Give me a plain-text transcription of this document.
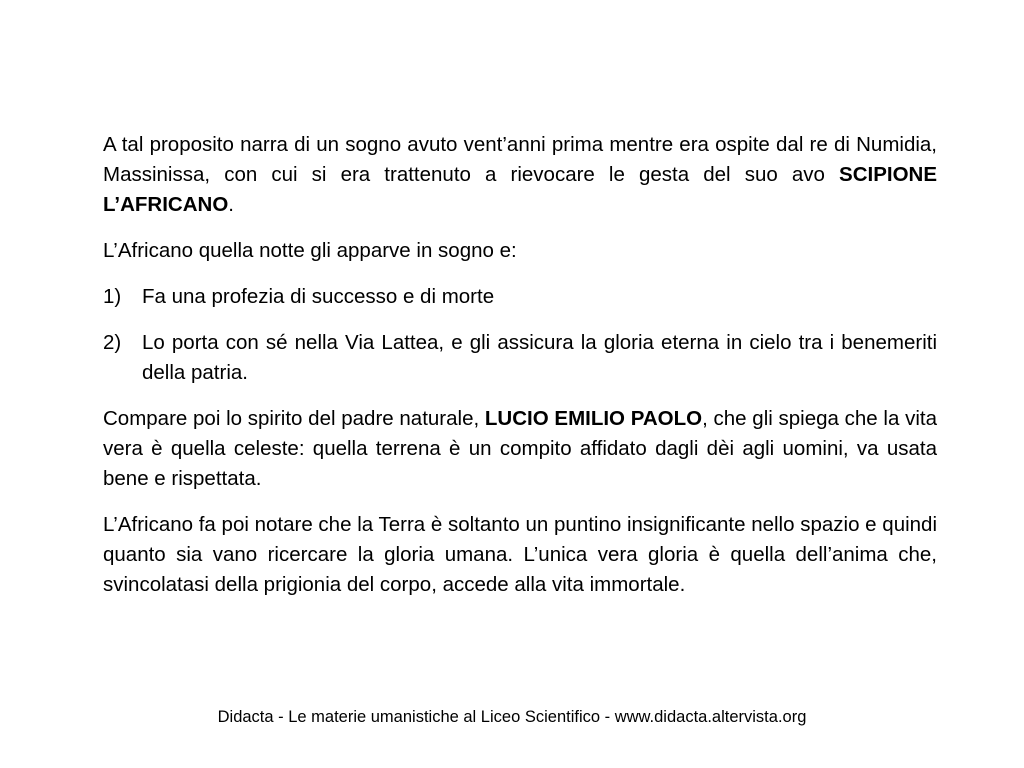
A tal proposito narra di un sogno avuto vent’anni prima mentre era ospite dal re di Numidia, Massinissa, con cui si era trattenuto a rievocare le gesta del suo avo SCIPIONE L’AFRICANO.

L’Africano quella notte gli apparve in sogno e:

1)	Fa una profezia di successo e di morte
2)	Lo porta con sé nella Via Lattea, e gli assicura la gloria eterna in cielo tra i benemeriti della patria.

Compare poi lo spirito del padre naturale, LUCIO EMILIO PAOLO, che gli spiega che la vita vera è quella celeste: quella terrena è un compito affidato dagli dèi agli uomini, va usata bene e rispettata.

L’Africano fa poi notare che la Terra è soltanto un puntino insignificante nello spazio e quindi quanto sia vano ricercare la gloria umana. L’unica vera gloria è quella dell’anima che, svincolatasi della prigionia del corpo, accede alla vita immortale.

Didacta - Le materie umanistiche al Liceo Scientifico - www.didacta.altervista.org
